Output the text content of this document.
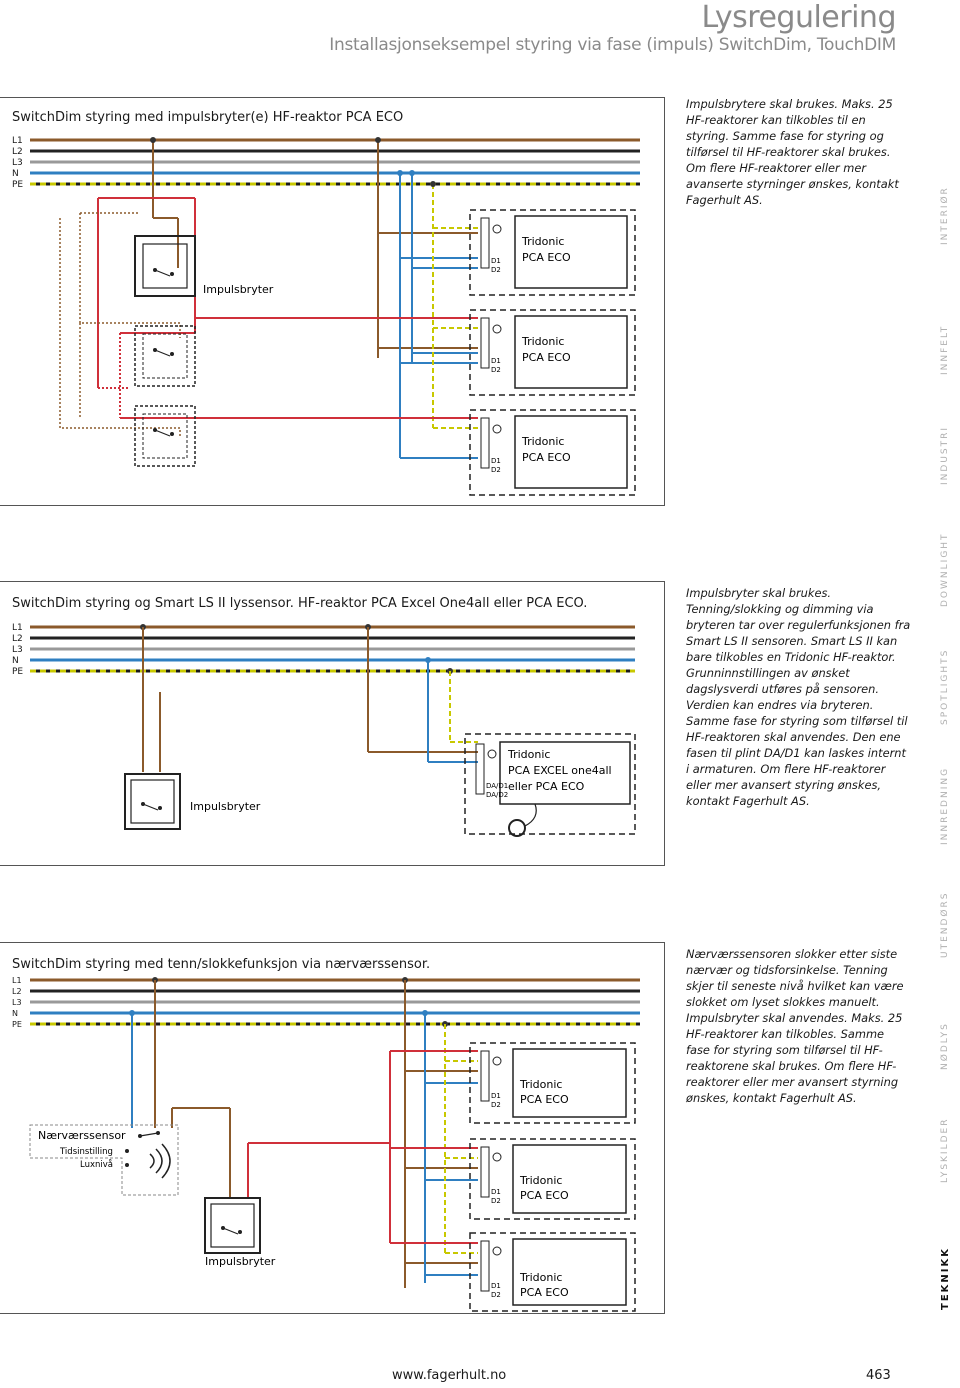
Lysregulering
Installasjonseksempel styring via fase (impuls) SwitchDim, TouchDIM
SwitchDim styring med impulsbryter(e) HF-reaktor PCA ECO
L1
L2
L3
N
PE
Impulsbryter
D1
D2
Tridonic
PCA ECO
D1
D2
Tridonic
PCA ECO
D1
D2
Tridonic
PCA ECO
SwitchDim styring og Smart LS II lyssensor. HF-reaktor PCA Excel One4all eller PCA ECO.
L1
L2
L3
N
PE
Impulsbryter
DA/D1
DA/D2
Tridonic
PCA EXCEL one4all
eller PCA ECO
SwitchDim styring med tenn/slokkefunksjon via nærværssensor.
L1
L2
L3
N
PE
Nærværssensor
Tidsinstilling
Luxnivå
Impulsbryter
D1
D2
Tridonic
PCA ECO
D1
D2
Tridonic
PCA ECO
D1
D2
Tridonic
PCA ECO
Impulsbrytere skal brukes. Maks. 25 HF-reaktorer kan tilkobles til en styring. Samme fase for styring og tilførsel til HF-reaktorer skal brukes. Om flere HF-reaktorer eller mer avanserte styrninger ønskes, kontakt Fagerhult AS.
Impulsbryter skal brukes. Tenning/slokking og dimming via bryteren tar over regulerfunksjonen fra Smart LS II sensoren. Smart LS II kan bare tilkobles en Tridonic HF-reaktor. Grunninnstillingen av ønsket dagslysverdi utføres på sensoren. Verdien kan endres via bryteren. Samme fase for styring som tilførsel til HF-reaktoren skal anvendes. Den ene fasen til plint DA/D1 kan laskes internt i armaturen. Om flere HF-reaktorer eller mer avansert styring ønskes, kontakt Fagerhult AS.
Nærværssensoren slokker etter siste nærvær og tidsforsinkelse. Tenning skjer til seneste nivå hvilket kan være slokket om lyset slokkes manuelt. Impulsbryter skal anvendes. Maks. 25 HF-reaktorer kan tilkobles. Samme fase for styring som tilførsel til HF-reaktorene skal brukes. Om flere HF-reaktorer eller mer avansert styrning ønskes, kontakt Fagerhult AS.
INTERIØR
INNFELT
INDUSTRI
DOWNLIGHT
SPOTLIGHTS
INNREDNING
UTENDØRS
NØDLYS
LYSKILDER
TEKNIKK
www.fagerhult.no	463
